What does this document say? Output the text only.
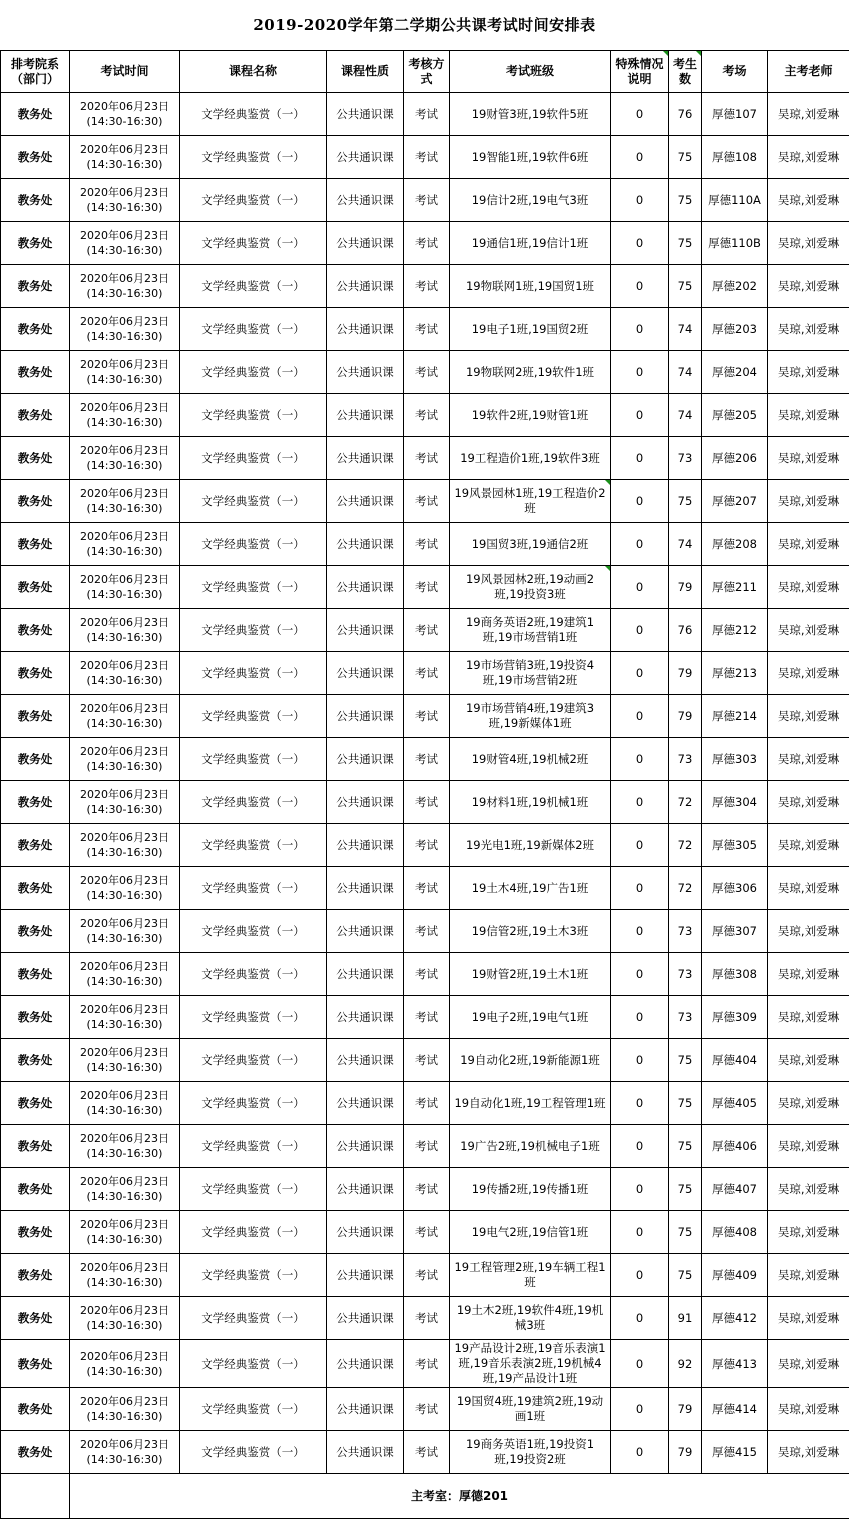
2019-2020学年第二学期公共课考试时间安排表
排考院系（部门）	考试时间	课程名称	课程性质	考核方式	考试班级	特殊情况说明	考生数	考场	主考老师
教务处	2020年06月23日
(14:30-16:30)	文学经典鉴赏（一）	公共通识课	考试	19财管3班,19软件5班	0	76	厚德107	吴琼,刘爱琳
教务处	2020年06月23日
(14:30-16:30)	文学经典鉴赏（一）	公共通识课	考试	19智能1班,19软件6班	0	75	厚德108	吴琼,刘爱琳
教务处	2020年06月23日
(14:30-16:30)	文学经典鉴赏（一）	公共通识课	考试	19信计2班,19电气3班	0	75	厚德110A	吴琼,刘爱琳
教务处	2020年06月23日
(14:30-16:30)	文学经典鉴赏（一）	公共通识课	考试	19通信1班,19信计1班	0	75	厚德110B	吴琼,刘爱琳
教务处	2020年06月23日
(14:30-16:30)	文学经典鉴赏（一）	公共通识课	考试	19物联网1班,19国贸1班	0	75	厚德202	吴琼,刘爱琳
教务处	2020年06月23日
(14:30-16:30)	文学经典鉴赏（一）	公共通识课	考试	19电子1班,19国贸2班	0	74	厚德203	吴琼,刘爱琳
教务处	2020年06月23日
(14:30-16:30)	文学经典鉴赏（一）	公共通识课	考试	19物联网2班,19软件1班	0	74	厚德204	吴琼,刘爱琳
教务处	2020年06月23日
(14:30-16:30)	文学经典鉴赏（一）	公共通识课	考试	19软件2班,19财管1班	0	74	厚德205	吴琼,刘爱琳
教务处	2020年06月23日
(14:30-16:30)	文学经典鉴赏（一）	公共通识课	考试	19工程造价1班,19软件3班	0	73	厚德206	吴琼,刘爱琳
教务处	2020年06月23日
(14:30-16:30)	文学经典鉴赏（一）	公共通识课	考试	19风景园林1班,19工程造价2班	0	75	厚德207	吴琼,刘爱琳
教务处	2020年06月23日
(14:30-16:30)	文学经典鉴赏（一）	公共通识课	考试	19国贸3班,19通信2班	0	74	厚德208	吴琼,刘爱琳
教务处	2020年06月23日
(14:30-16:30)	文学经典鉴赏（一）	公共通识课	考试	19风景园林2班,19动画2班,19投资3班	0	79	厚德211	吴琼,刘爱琳
教务处	2020年06月23日
(14:30-16:30)	文学经典鉴赏（一）	公共通识课	考试	19商务英语2班,19建筑1班,19市场营销1班	0	76	厚德212	吴琼,刘爱琳
教务处	2020年06月23日
(14:30-16:30)	文学经典鉴赏（一）	公共通识课	考试	19市场营销3班,19投资4班,19市场营销2班	0	79	厚德213	吴琼,刘爱琳
教务处	2020年06月23日
(14:30-16:30)	文学经典鉴赏（一）	公共通识课	考试	19市场营销4班,19建筑3班,19新媒体1班	0	79	厚德214	吴琼,刘爱琳
教务处	2020年06月23日
(14:30-16:30)	文学经典鉴赏（一）	公共通识课	考试	19财管4班,19机械2班	0	73	厚德303	吴琼,刘爱琳
教务处	2020年06月23日
(14:30-16:30)	文学经典鉴赏（一）	公共通识课	考试	19材料1班,19机械1班	0	72	厚德304	吴琼,刘爱琳
教务处	2020年06月23日
(14:30-16:30)	文学经典鉴赏（一）	公共通识课	考试	19光电1班,19新媒体2班	0	72	厚德305	吴琼,刘爱琳
教务处	2020年06月23日
(14:30-16:30)	文学经典鉴赏（一）	公共通识课	考试	19土木4班,19广告1班	0	72	厚德306	吴琼,刘爱琳
教务处	2020年06月23日
(14:30-16:30)	文学经典鉴赏（一）	公共通识课	考试	19信管2班,19土木3班	0	73	厚德307	吴琼,刘爱琳
教务处	2020年06月23日
(14:30-16:30)	文学经典鉴赏（一）	公共通识课	考试	19财管2班,19土木1班	0	73	厚德308	吴琼,刘爱琳
教务处	2020年06月23日
(14:30-16:30)	文学经典鉴赏（一）	公共通识课	考试	19电子2班,19电气1班	0	73	厚德309	吴琼,刘爱琳
教务处	2020年06月23日
(14:30-16:30)	文学经典鉴赏（一）	公共通识课	考试	19自动化2班,19新能源1班	0	75	厚德404	吴琼,刘爱琳
教务处	2020年06月23日
(14:30-16:30)	文学经典鉴赏（一）	公共通识课	考试	19自动化1班,19工程管理1班	0	75	厚德405	吴琼,刘爱琳
教务处	2020年06月23日
(14:30-16:30)	文学经典鉴赏（一）	公共通识课	考试	19广告2班,19机械电子1班	0	75	厚德406	吴琼,刘爱琳
教务处	2020年06月23日
(14:30-16:30)	文学经典鉴赏（一）	公共通识课	考试	19传播2班,19传播1班	0	75	厚德407	吴琼,刘爱琳
教务处	2020年06月23日
(14:30-16:30)	文学经典鉴赏（一）	公共通识课	考试	19电气2班,19信管1班	0	75	厚德408	吴琼,刘爱琳
教务处	2020年06月23日
(14:30-16:30)	文学经典鉴赏（一）	公共通识课	考试	19工程管理2班,19车辆工程1班	0	75	厚德409	吴琼,刘爱琳
教务处	2020年06月23日
(14:30-16:30)	文学经典鉴赏（一）	公共通识课	考试	19土木2班,19软件4班,19机械3班	0	91	厚德412	吴琼,刘爱琳
教务处	2020年06月23日
(14:30-16:30)	文学经典鉴赏（一）	公共通识课	考试	19产品设计2班,19音乐表演1班,19音乐表演2班,19机械4班,19产品设计1班	0	92	厚德413	吴琼,刘爱琳
教务处	2020年06月23日
(14:30-16:30)	文学经典鉴赏（一）	公共通识课	考试	19国贸4班,19建筑2班,19动画1班	0	79	厚德414	吴琼,刘爱琳
教务处	2020年06月23日
(14:30-16:30)	文学经典鉴赏（一）	公共通识课	考试	19商务英语1班,19投资1班,19投资2班	0	79	厚德415	吴琼,刘爱琳
	主考室：厚德201								
